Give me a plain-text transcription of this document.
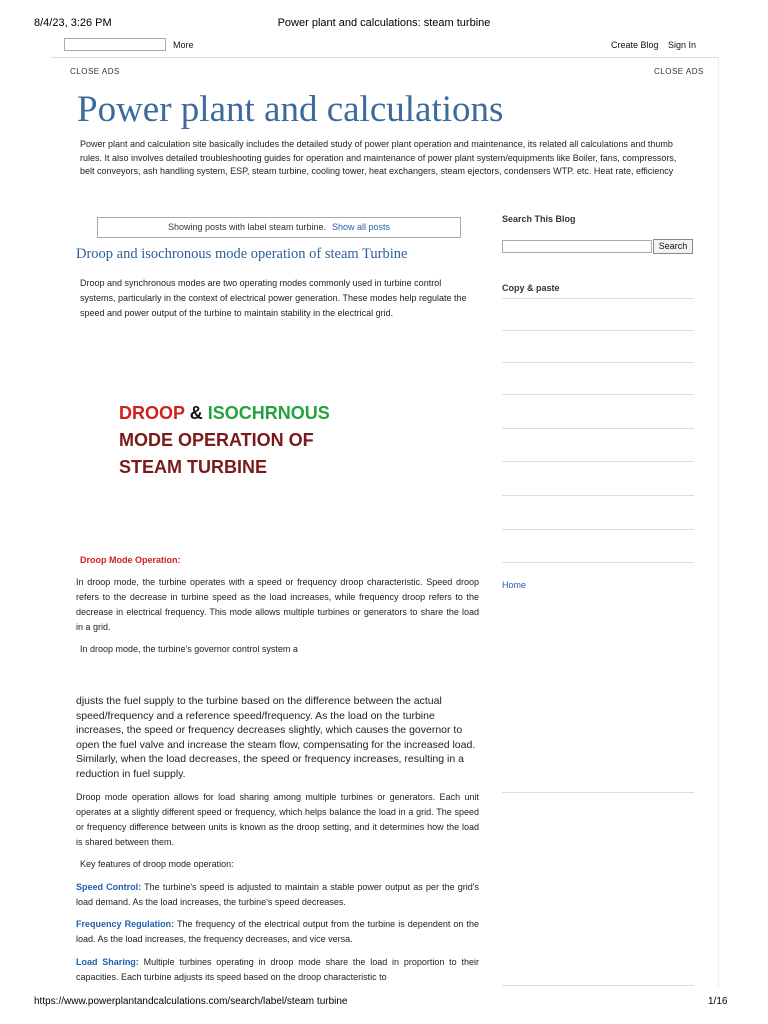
8/4/23, 3:26 PM	Power plant and calculations: steam turbine
More	Create Blog Sign In
CLOSE ADS	CLOSE ADS
Power plant and calculations
Power plant and calculation site basically includes the detailed study of power plant operation and maintenance, its related all calculations and thumb rules. It also involves detailed troubleshooting guides for operation and maintenance of power plant system/equipments like Boiler, fans, compressors, belt conveyors, ash handling system, ESP, steam turbine, cooling tower, heat exchangers, steam ejectors, condensers WTP. etc. Heat rate, efficiency
Showing posts with label steam turbine. Show all posts
Droop and isochronous mode operation of steam Turbine
Droop and synchronous modes are two operating modes commonly used in turbine control systems, particularly in the context of electrical power generation. These modes help regulate the speed and power output of the turbine to maintain stability in the electrical grid.
DROOP & ISOCHRNOUS
MODE OPERATION OF
STEAM TURBINE
Droop Mode Operation:
In droop mode, the turbine operates with a speed or frequency droop characteristic. Speed droop refers to the decrease in turbine speed as the load increases, while frequency droop refers to the decrease in electrical frequency. This mode allows multiple turbines or generators to share the load in a grid.
In droop mode, the turbine's governor control system a
djusts the fuel supply to the turbine based on the difference between the actual speed/frequency and a reference speed/frequency. As the load on the turbine increases, the speed or frequency decreases slightly, which causes the governor to open the fuel valve and increase the steam flow, compensating for the increased load. Similarly, when the load decreases, the speed or frequency increases, resulting in a reduction in fuel supply.
Droop mode operation allows for load sharing among multiple turbines or generators. Each unit operates at a slightly different speed or frequency, which helps balance the load in a grid. The speed or frequency difference between units is known as the droop setting, and it determines how the load is shared between them.
Key features of droop mode operation:
Speed Control: The turbine's speed is adjusted to maintain a stable power output as per the grid's load demand. As the load increases, the turbine's speed decreases.
Frequency Regulation: The frequency of the electrical output from the turbine is dependent on the load. As the load increases, the frequency decreases, and vice versa.
Load Sharing: Multiple turbines operating in droop mode share the load in proportion to their capacities. Each turbine adjusts its speed based on the droop characteristic to
Search This Blog
Search
Copy & paste
Home
https://www.powerplantandcalculations.com/search/label/steam turbine	1/16
